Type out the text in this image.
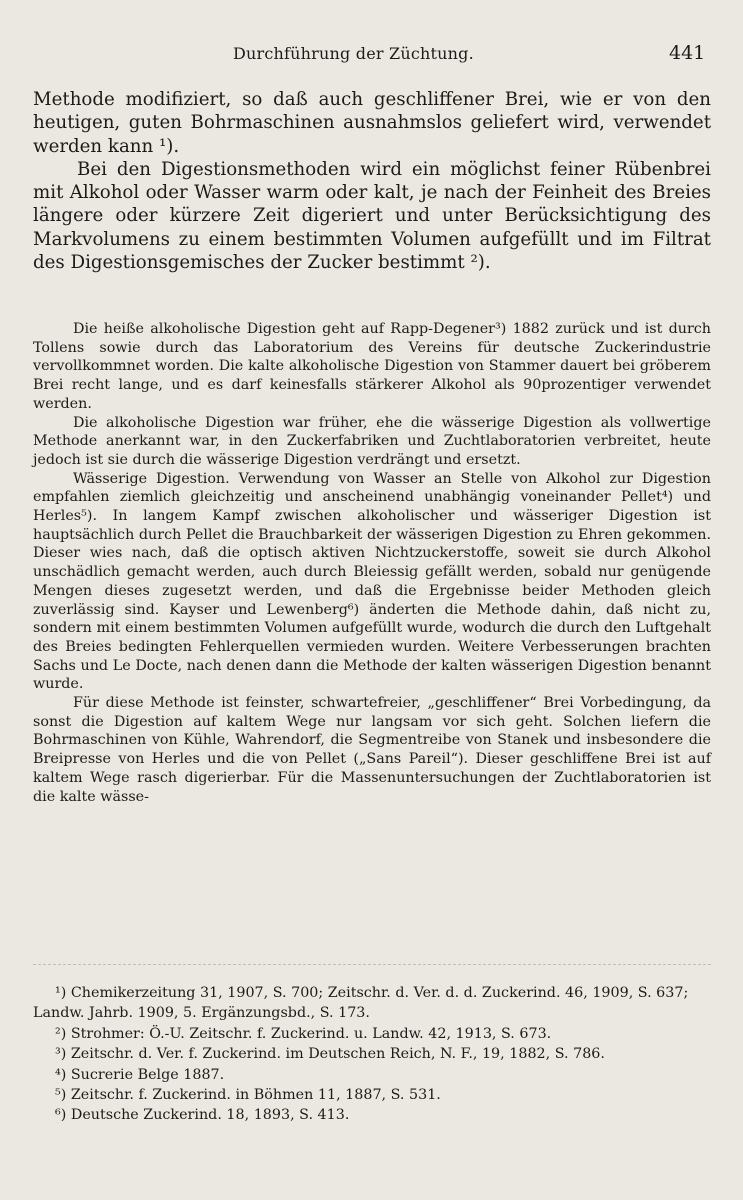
Durchführung der Züchtung.	441

Methode modifiziert, so daß auch geschliffener Brei, wie er von den heutigen, guten Bohrmaschinen ausnahmslos geliefert wird, verwendet werden kann ¹).

Bei den Digestionsmethoden wird ein möglichst feiner Rübenbrei mit Alkohol oder Wasser warm oder kalt, je nach der Feinheit des Breies längere oder kürzere Zeit digeriert und unter Berücksichtigung des Markvolumens zu einem bestimmten Volumen aufgefüllt und im Filtrat des Digestionsgemisches der Zucker bestimmt ²).

Die heiße alkoholische Digestion geht auf Rapp-Degener³) 1882 zurück und ist durch Tollens sowie durch das Laboratorium des Vereins für deutsche Zuckerindustrie vervollkommnet worden. Die kalte alkoholische Digestion von Stammer dauert bei gröberem Brei recht lange, und es darf keinesfalls stärkerer Alkohol als 90prozentiger verwendet werden.

Die alkoholische Digestion war früher, ehe die wässerige Digestion als vollwertige Methode anerkannt war, in den Zuckerfabriken und Zuchtlaboratorien verbreitet, heute jedoch ist sie durch die wässerige Digestion verdrängt und ersetzt.

Wässerige Digestion. Verwendung von Wasser an Stelle von Alkohol zur Digestion empfahlen ziemlich gleichzeitig und anscheinend unabhängig voneinander Pellet⁴) und Herles⁵). In langem Kampf zwischen alkoholischer und wässeriger Digestion ist hauptsächlich durch Pellet die Brauchbarkeit der wässerigen Digestion zu Ehren gekommen. Dieser wies nach, daß die optisch aktiven Nichtzuckerstoffe, soweit sie durch Alkohol unschädlich gemacht werden, auch durch Bleiessig gefällt werden, sobald nur genügende Mengen dieses zugesetzt werden, und daß die Ergebnisse beider Methoden gleich zuverlässig sind. Kayser und Lewenberg⁶) änderten die Methode dahin, daß nicht zu, sondern mit einem bestimmten Volumen aufgefüllt wurde, wodurch die durch den Luftgehalt des Breies bedingten Fehlerquellen vermieden wurden. Weitere Verbesserungen brachten Sachs und Le Docte, nach denen dann die Methode der kalten wässerigen Digestion benannt wurde.

Für diese Methode ist feinster, schwartefreier, „geschliffener“ Brei Vorbedingung, da sonst die Digestion auf kaltem Wege nur langsam vor sich geht. Solchen liefern die Bohrmaschinen von Kühle, Wahrendorf, die Segmentreibe von Stanek und insbesondere die Breipresse von Herles und die von Pellet („Sans Pareil“). Dieser geschliffene Brei ist auf kaltem Wege rasch digerierbar. Für die Massenuntersuchungen der Zuchtlaboratorien ist die kalte wässe-

¹) Chemikerzeitung 31, 1907, S. 700; Zeitschr. d. Ver. d. d. Zuckerind. 46, 1909, S. 637; Landw. Jahrb. 1909, 5. Ergänzungsbd., S. 173.

²) Strohmer: Ö.-U. Zeitschr. f. Zuckerind. u. Landw. 42, 1913, S. 673.

³) Zeitschr. d. Ver. f. Zuckerind. im Deutschen Reich, N. F., 19, 1882, S. 786.

⁴) Sucrerie Belge 1887.

⁵) Zeitschr. f. Zuckerind. in Böhmen 11, 1887, S. 531.

⁶) Deutsche Zuckerind. 18, 1893, S. 413.
